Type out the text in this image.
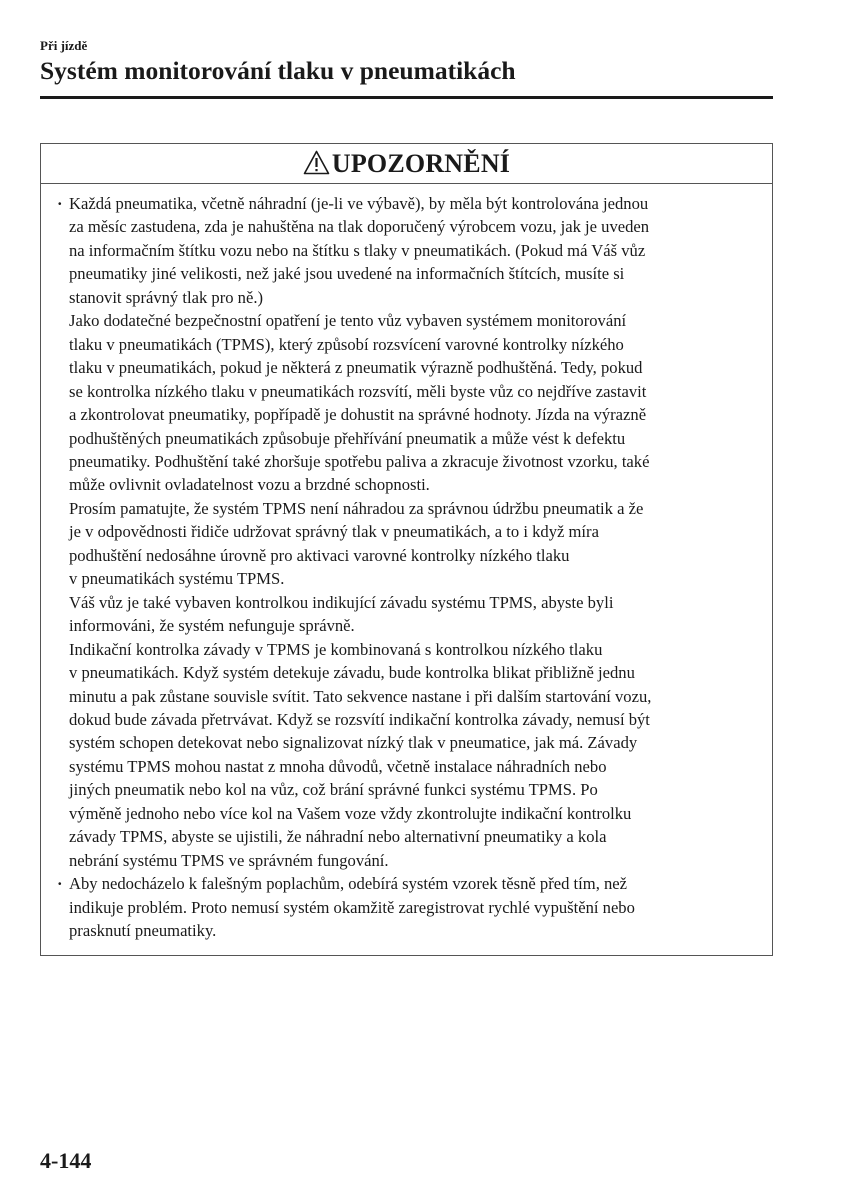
Při jízdě
Systém monitorování tlaku v pneumatikách
UPOZORNĚNÍ
· Každá pneumatika, včetně náhradní (je-li ve výbavě), by měla být kontrolována jednou
za měsíc zastudena, zda je nahuštěna na tlak doporučený výrobcem vozu, jak je uveden
na informačním štítku vozu nebo na štítku s tlaky v pneumatikách. (Pokud má Váš vůz
pneumatiky jiné velikosti, než jaké jsou uvedené na informačních štítcích, musíte si
stanovit správný tlak pro ně.)
Jako dodatečné bezpečnostní opatření je tento vůz vybaven systémem monitorování
tlaku v pneumatikách (TPMS), který způsobí rozsvícení varovné kontrolky nízkého
tlaku v pneumatikách, pokud je některá z pneumatik výrazně podhuštěná. Tedy, pokud
se kontrolka nízkého tlaku v pneumatikách rozsvítí, měli byste vůz co nejdříve zastavit
a zkontrolovat pneumatiky, popřípadě je dohustit na správné hodnoty. Jízda na výrazně
podhuštěných pneumatikách způsobuje přehřívání pneumatik a může vést k defektu
pneumatiky. Podhuštění také zhoršuje spotřebu paliva a zkracuje životnost vzorku, také
může ovlivnit ovladatelnost vozu a brzdné schopnosti.
Prosím pamatujte, že systém TPMS není náhradou za správnou údržbu pneumatik a že
je v odpovědnosti řidiče udržovat správný tlak v pneumatikách, a to i když míra
podhuštění nedosáhne úrovně pro aktivaci varovné kontrolky nízkého tlaku
v pneumatikách systému TPMS.
Váš vůz je také vybaven kontrolkou indikující závadu systému TPMS, abyste byli
informováni, že systém nefunguje správně.
Indikační kontrolka závady v TPMS je kombinovaná s kontrolkou nízkého tlaku
v pneumatikách. Když systém detekuje závadu, bude kontrolka blikat přibližně jednu
minutu a pak zůstane souvisle svítit. Tato sekvence nastane i při dalším startování vozu,
dokud bude závada přetrvávat. Když se rozsvítí indikační kontrolka závady, nemusí být
systém schopen detekovat nebo signalizovat nízký tlak v pneumatice, jak má. Závady
systému TPMS mohou nastat z mnoha důvodů, včetně instalace náhradních nebo
jiných pneumatik nebo kol na vůz, což brání správné funkci systému TPMS. Po
výměně jednoho nebo více kol na Vašem voze vždy zkontrolujte indikační kontrolku
závady TPMS, abyste se ujistili, že náhradní nebo alternativní pneumatiky a kola
nebrání systému TPMS ve správném fungování.
· Aby nedocházelo k falešným poplachům, odebírá systém vzorek těsně před tím, než
indikuje problém. Proto nemusí systém okamžitě zaregistrovat rychlé vypuštění nebo
prasknutí pneumatiky.
4-144
